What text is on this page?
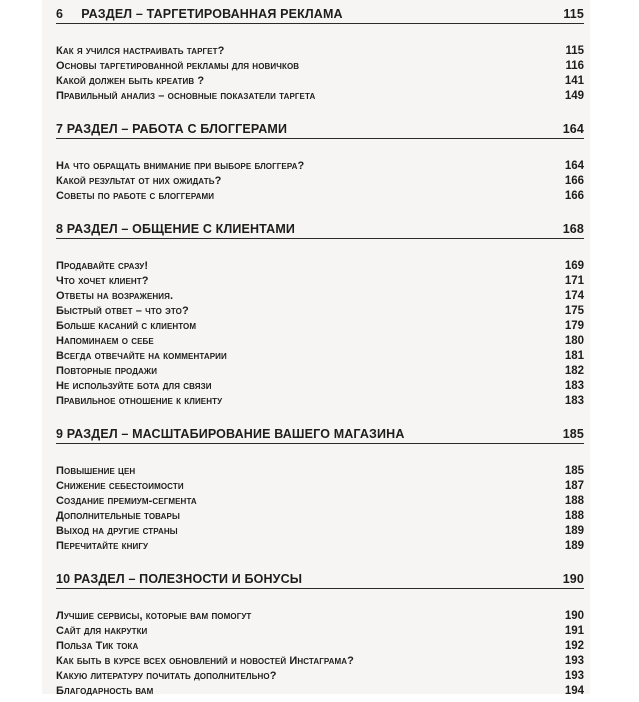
6     РАЗДЕЛ – ТАРГЕТИРОВАННАЯ РЕКЛАМА	115
Как я учился настраивать таргет?	115
Основы таргетированной рекламы для новичков	116
Какой должен быть креатив ?	141
Правильный анализ – основные показатели таргета	149
7 РАЗДЕЛ – РАБОТА С БЛОГГЕРАМИ	164
На что обращать внимание при выборе блоггера?	164
Какой результат от них ожидать?	166
Советы по работе с блоггерами	166
8 РАЗДЕЛ – ОБЩЕНИЕ С КЛИЕНТАМИ	168
Продавайте сразу!	169
Что хочет клиент?	171
Ответы на возражения.	174
Быстрый ответ – что это?	175
Больше касаний с клиентом	179
Напоминаем о себе	180
Всегда отвечайте на комментарии	181
Повторные продажи	182
Не используйте бота для связи	183
Правильное отношение к клиенту	183
9 РАЗДЕЛ – МАСШТАБИРОВАНИЕ ВАШЕГО МАГАЗИНА	185
Повышение цен	185
Снижение себестоимости	187
Создание премиум-сегмента	188
Дополнительные товары	188
Выход на другие страны	189
Перечитайте книгу	189
10 РАЗДЕЛ – ПОЛЕЗНОСТИ И БОНУСЫ	190
Лучшие сервисы, которые вам помогут	190
Сайт для накрутки	191
Польза Тик тока	192
Как быть в курсе всех обновлений и новостей Инстаграма?	193
Какую литературу почитать дополнительно?	193
Благодарность вам	194
